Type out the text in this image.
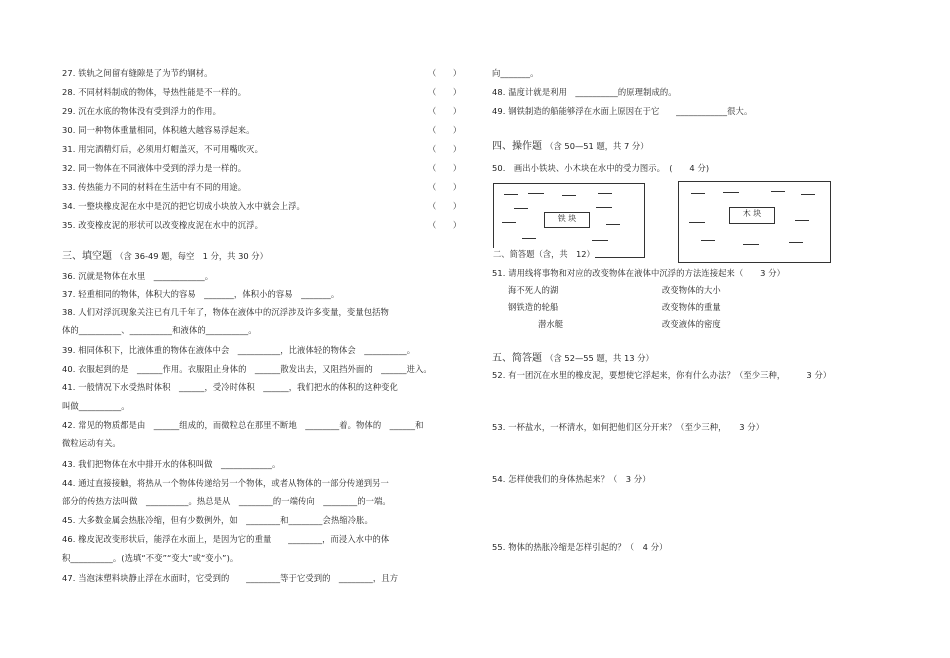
27. 铁轨之间留有缝隙是了为节约钢材。	（　　）
28. 不同材料制成的物体，导热性能是不一样的。	（　　）
29. 沉在水底的物体没有受到浮力的作用。	（　　）
30. 同一种物体重量相同，体积越大越容易浮起来。	（　　）
31. 用完酒精灯后，必须用灯帽盖灭，不可用嘴吹灭。	（　　）
32. 同一物体在不同液体中受到的浮力是一样的。	（　　）
33. 传热能力不同的材料在生活中有不同的用途。	（　　）
34. 一整块橡皮泥在水中是沉的把它切成小块放入水中就会上浮。	（　　）
35. 改变橡皮泥的形状可以改变橡皮泥在水中的沉浮。	（　　）
三、填空题 （含 36-49 题，每空　1 分，共 30 分）
36. 沉就是物体在水里　____________。
37. 轻重相同的物体，体积大的容易　_______，体积小的容易　_______。
38. 人们对浮沉现象关注已有几千年了，物体在液体中的沉浮涉及许多变量，变量包括物
体的__________、__________和液体的__________。
39. 相同体积下，比液体重的物体在液体中会　__________，比液体轻的物体会　__________。
40. 衣服起到的是　______作用。衣服阻止身体的　______散发出去，又阻挡外面的　______进入。
41. 一般情况下水受热时体积　______，受冷时体积　______，我们把水的体积的这种变化
叫做__________。
42. 常见的物质都是由　______组成的，而微粒总在那里不断地　________着。物体的　______和
微粒运动有关。
43. 我们把物体在水中排开水的体积叫做　____________。
44. 通过直接接触，将热从一个物体传递给另一个物体，或者从物体的一部分传递到另一
部分的传热方法叫做　__________。热总是从　________的一端传向　________的一端。
45. 大多数金属会热胀冷缩，但有少数例外，如　________和________会热缩冷胀。
46. 橡皮泥改变形状后，能浮在水面上，是因为它的重量　　________，而浸入水中的体
积__________。(选填“不变”“变大”或“变小”)。
47. 当泡沫塑料块静止浮在水面时，它受到的　　________等于它受到的　________，且方
向_______。
48. 温度计就是利用　__________的原理制成的。
49. 钢铁制造的船能够浮在水面上原因在于它　　____________很大。
四、操作题 （含 50—51 题，共 7 分）
50.　画出小铁块、小木块在水中的受力图示。　(　　4 分)
铁 块
二、简答题（含，共　12）
木 块
51. 请用线将事物和对应的改变物体在液体中沉浮的方法连接起来（　　3 分）
海不死人的湖
钢铁造的轮船
潜水艇
改变物体的大小
改变物体的重量
改变液体的密度
五、简答题 （含 52—55 题，共 13 分）
52. 有一团沉在水里的橡皮泥，要想使它浮起来，你有什么办法？（至少三种，　　　3 分）
53. 一杯盐水，一杯清水，如何把他们区分开来？（至少三种，　　3 分）
54. 怎样使我们的身体热起来？（　3 分）
55. 物体的热胀冷缩是怎样引起的？（　4 分）
